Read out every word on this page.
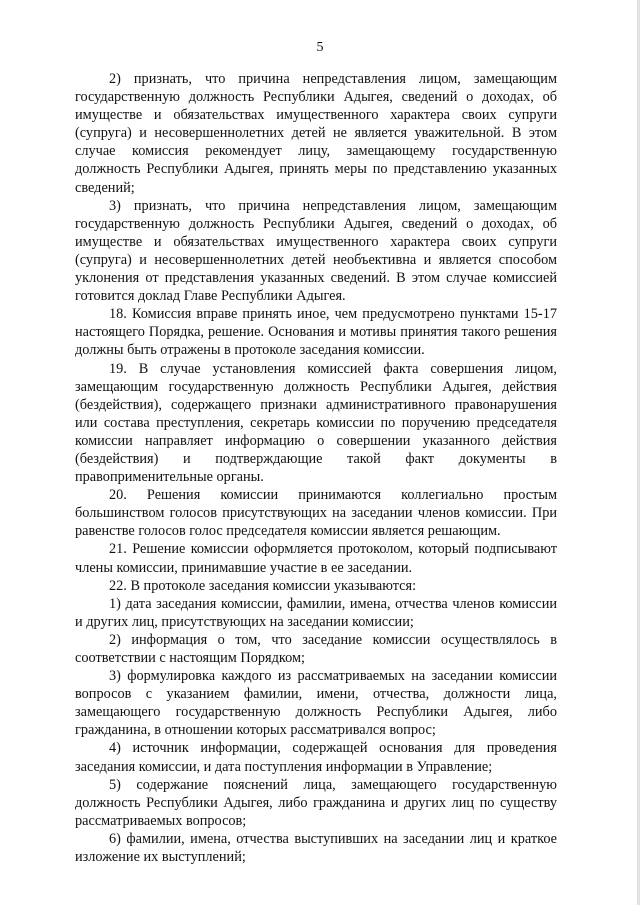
5

2) признать, что причина непредставления лицом, замещающим государственную должность Республики Адыгея, сведений о доходах, об имуществе и обязательствах имущественного характера своих супруги (супруга) и несовершеннолетних детей не является уважительной. В этом случае комиссия рекомендует лицу, замещающему государственную должность Республики Адыгея, принять меры по представлению указанных сведений;

3) признать, что причина непредставления лицом, замещающим государственную должность Республики Адыгея, сведений о доходах, об имуществе и обязательствах имущественного характера своих супруги (супруга) и несовершеннолетних детей необъективна и является способом уклонения от представления указанных сведений. В этом случае комиссией готовится доклад Главе Республики Адыгея.

18. Комиссия вправе принять иное, чем предусмотрено пунктами 15-17 настоящего Порядка, решение. Основания и мотивы принятия такого решения должны быть отражены в протоколе заседания комиссии.

19. В случае установления комиссией факта совершения лицом, замещающим государственную должность Республики Адыгея, действия (бездействия), содержащего признаки административного правонарушения или состава преступления, секретарь комиссии по поручению председателя комиссии направляет информацию о совершении указанного действия (бездействия) и подтверждающие такой факт документы в правоприменительные органы.

20. Решения комиссии принимаются коллегиально простым большинством голосов присутствующих на заседании членов комиссии. При равенстве голосов голос председателя комиссии является решающим.

21. Решение комиссии оформляется протоколом, который подписывают члены комиссии, принимавшие участие в ее заседании.

22. В протоколе заседания комиссии указываются:

1) дата заседания комиссии, фамилии, имена, отчества членов комиссии и других лиц, присутствующих на заседании комиссии;

2) информация о том, что заседание комиссии осуществлялось в соответствии с настоящим Порядком;

3) формулировка каждого из рассматриваемых на заседании комиссии вопросов с указанием фамилии, имени, отчества, должности лица, замещающего государственную должность Республики Адыгея, либо гражданина, в отношении которых рассматривался вопрос;

4) источник информации, содержащей основания для проведения заседания комиссии, и дата поступления информации в Управление;

5) содержание пояснений лица, замещающего государственную должность Республики Адыгея, либо гражданина и других лиц по существу рассматриваемых вопросов;

6) фамилии, имена, отчества выступивших на заседании лиц и краткое изложение их выступлений;
